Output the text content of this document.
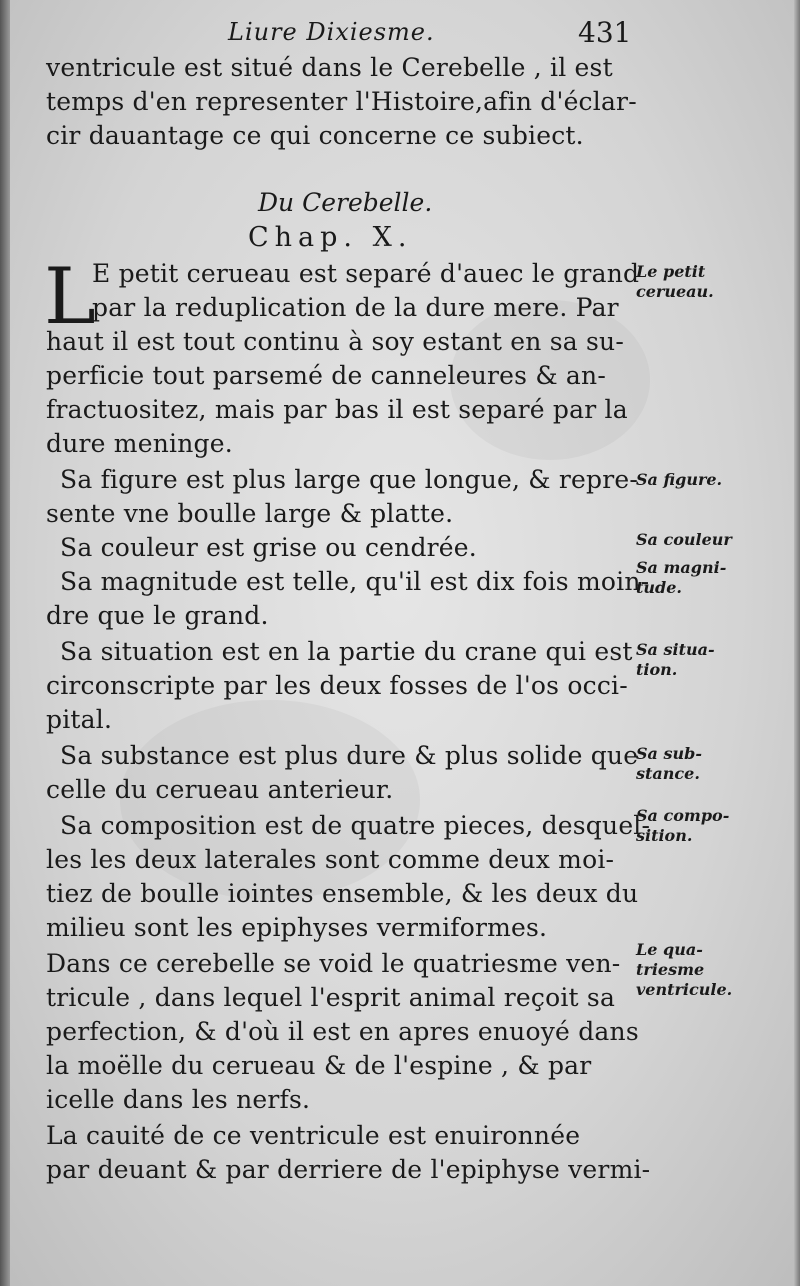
Liure Dixiesme.	431
ventricule est situé dans le Cerebelle , il est
temps d'en representer l'Histoire,afin d'éclar-
cir dauantage ce qui concerne ce subiect.
Du Cerebelle.
Chap. X.
L
E petit cerueau est separé d'auec le grand
par la reduplication de la dure mere. Par
haut il est tout continu à soy estant en sa su-
perficie tout parsemé de canneleures & an-
fractuositez, mais par bas il est separé par la
dure meninge.
Sa figure est plus large que longue, & repre-
sente vne boulle large & platte.
Sa couleur est grise ou cendrée.
Sa magnitude est telle, qu'il est dix fois moin-
dre que le grand.
Sa situation est en la partie du crane qui est
circonscripte par les deux fosses de l'os occi-
pital.
Sa substance est plus dure & plus solide que
celle du cerueau anterieur.
Sa composition est de quatre pieces, desquel-
les les deux laterales sont comme deux moi-
tiez de boulle iointes ensemble, & les deux du
milieu sont les epiphyses vermiformes.
Dans ce cerebelle se void le quatriesme ven-
tricule , dans lequel l'esprit animal reçoit sa
perfection, & d'où il est en apres enuoyé dans
la moëlle du cerueau & de l'espine , & par
icelle dans les nerfs.
La cauité de ce ventricule est enuironnée
par deuant & par derriere de l'epiphyse vermi-
Le petit
cerueau.
Sa figure.
Sa couleur
Sa magni-
tude.
Sa situa-
tion.
Sa sub-
stance.
Sa compo-
sition.
Le qua-
triesme
ventricule.
